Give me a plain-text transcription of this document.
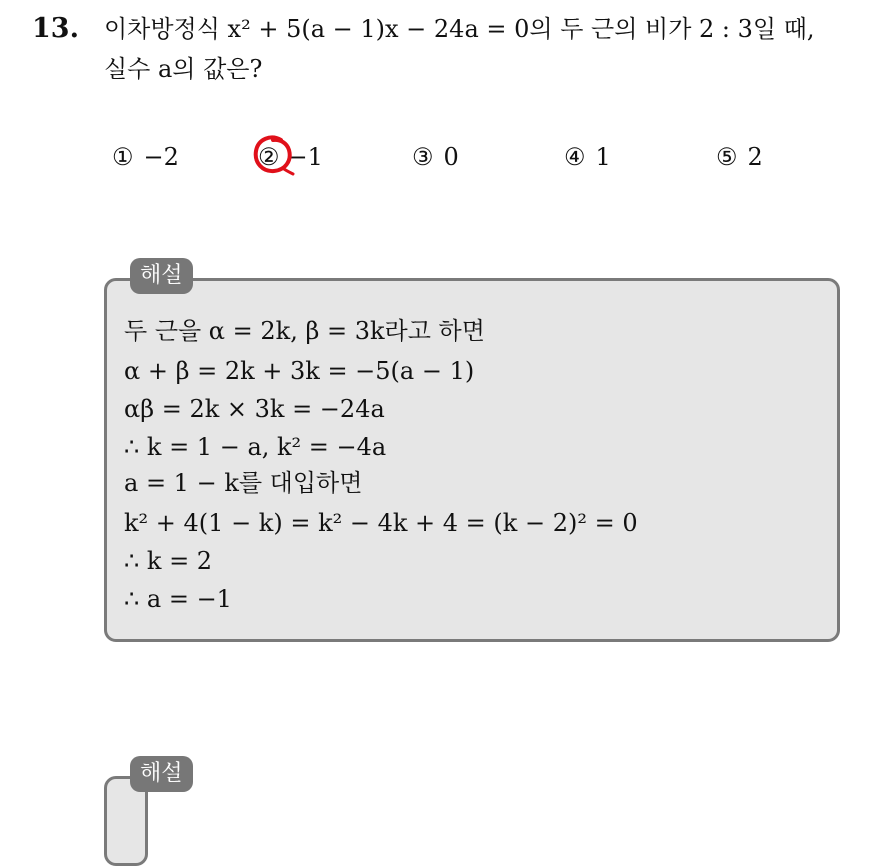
13. 이차방정식 x² + 5(a − 1)x − 24a = 0의 두 근의 비가 2 : 3일 때,
실수 a의 값은?
① −2	② −1	③ 0	④ 1	⑤ 2
해설
두 근을 α = 2k, β = 3k라고 하면
α + β = 2k + 3k = −5(a − 1)
αβ = 2k × 3k = −24a
∴ k = 1 − a, k² = −4a
a = 1 − k를 대입하면
k² + 4(1 − k) = k² − 4k + 4 = (k − 2)² = 0
∴ k = 2
∴ a = −1
해설
